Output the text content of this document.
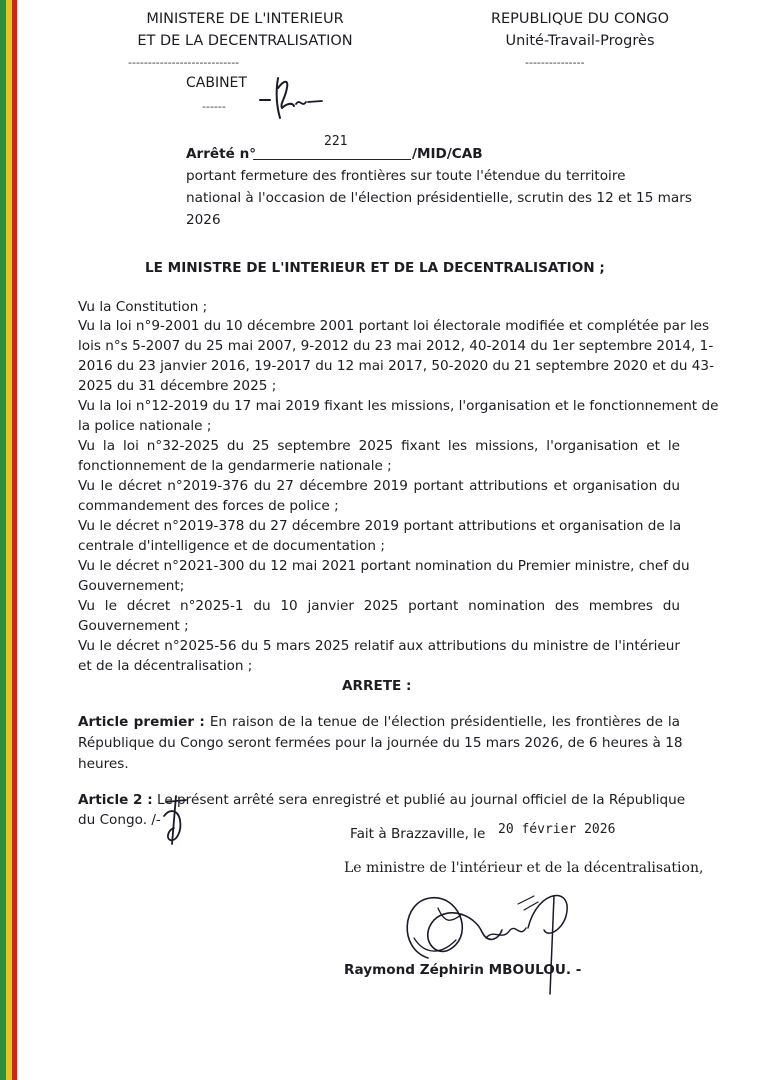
MINISTERE DE L'INTERIEUR
ET DE LA DECENTRALISATION
----------------------------
REPUBLIQUE DU CONGO
Unité-Travail-Progrès
---------------
CABINET
------
Arrêté n°
221
/MID/CAB
portant fermeture des frontières sur toute l'étendue du territoire
national à l'occasion de l'élection présidentielle, scrutin des 12 et 15 mars
2026
LE MINISTRE DE L'INTERIEUR ET DE LA DECENTRALISATION ;
Vu la Constitution ;
Vu la loi n°9-2001 du 10 décembre 2001 portant loi électorale modifiée et complétée par les
lois n°s 5-2007 du 25 mai 2007, 9-2012 du 23 mai 2012, 40-2014 du 1er septembre 2014, 1-
2016 du 23 janvier 2016, 19-2017 du 12 mai 2017, 50-2020 du 21 septembre 2020 et du 43-
2025 du 31 décembre 2025 ;
Vu la loi n°12-2019 du 17 mai 2019 fixant les missions, l'organisation et le fonctionnement de
la police nationale ;
Vu la loi n°32-2025 du 25 septembre 2025 fixant les missions, l'organisation et le
fonctionnement de la gendarmerie nationale ;
Vu le décret n°2019-376 du 27 décembre 2019 portant attributions et organisation du
commandement des forces de police ;
Vu le décret n°2019-378 du 27 décembre 2019 portant attributions et organisation de la
centrale d'intelligence et de documentation ;
Vu le décret n°2021-300 du 12 mai 2021 portant nomination du Premier ministre, chef du
Gouvernement;
Vu le décret n°2025-1 du 10 janvier 2025 portant nomination des membres du
Gouvernement ;
Vu le décret n°2025-56 du 5 mars 2025 relatif aux attributions du ministre de l'intérieur
et de la décentralisation ;
ARRETE :
Article premier : En raison de la tenue de l'élection présidentielle, les frontières de la
République du Congo seront fermées pour la journée du 15 mars 2026, de 6 heures à 18
heures.
Article 2 : Le présent arrêté sera enregistré et publié au journal officiel de la République
du Congo. /-
Fait à Brazzaville, le 20 février 2026
Le ministre de l'intérieur et de la décentralisation,
Raymond Zéphirin MBOULOU. -
